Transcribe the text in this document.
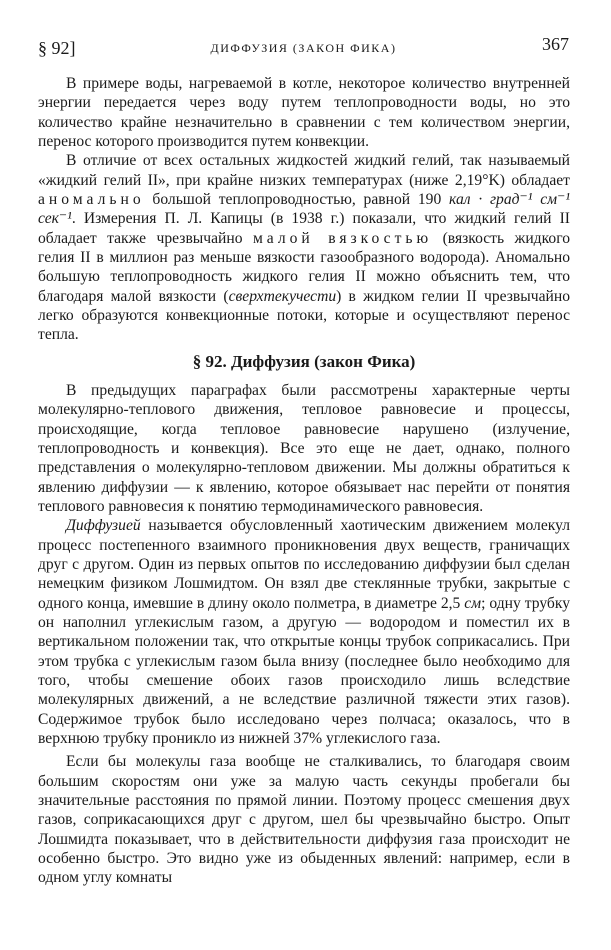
§ 92]	ДИФФУЗИЯ (ЗАКОН ФИКА)	367

В примере воды, нагреваемой в котле, некоторое количество внутренней энергии передается через воду путем теплопроводности воды, но это количество крайне незначительно в сравнении с тем количеством энергии, перенос которого производится путем конвекции.

В отличие от всех остальных жидкостей жидкий гелий, так называемый «жидкий гелий II», при крайне низких температурах (ниже 2,19°K) обладает аномально большой теплопроводностью, равной 190 кал · град⁻¹ см⁻¹ сек⁻¹. Измерения П. Л. Капицы (в 1938 г.) показали, что жидкий гелий II обладает также чрезвычайно малой вязкостью (вязкость жидкого гелия II в миллион раз меньше вязкости газообразного водорода). Аномально большую теплопроводность жидкого гелия II можно объяснить тем, что благодаря малой вязкости (сверхтекучести) в жидком гелии II чрезвычайно легко образуются конвекционные потоки, которые и осуществляют перенос тепла.

§ 92. Диффузия (закон Фика)

В предыдущих параграфах были рассмотрены характерные черты молекулярно-теплового движения, тепловое равновесие и процессы, происходящие, когда тепловое равновесие нарушено (излучение, теплопроводность и конвекция). Все это еще не дает, однако, полного представления о молекулярно-тепловом движении. Мы должны обратиться к явлению диффузии — к явлению, которое обязывает нас перейти от понятия теплового равновесия к понятию термодинамического равновесия.

Диффузией называется обусловленный хаотическим движением молекул процесс постепенного взаимного проникновения двух веществ, граничащих друг с другом. Один из первых опытов по исследованию диффузии был сделан немецким физиком Лошмидтом. Он взял две стеклянные трубки, закрытые с одного конца, имевшие в длину около полметра, в диаметре 2,5 см; одну трубку он наполнил углекислым газом, а другую — водородом и поместил их в вертикальном положении так, что открытые концы трубок соприкасались. При этом трубка с углекислым газом была внизу (последнее было необходимо для того, чтобы смешение обоих газов происходило лишь вследствие молекулярных движений, а не вследствие различной тяжести этих газов). Содержимое трубок было исследовано через полчаса; оказалось, что в верхнюю трубку проникло из нижней 37% углекислого газа.

Если бы молекулы газа вообще не сталкивались, то благодаря своим большим скоростям они уже за малую часть секунды пробегали бы значительные расстояния по прямой линии. Поэтому процесс смешения двух газов, соприкасающихся друг с другом, шел бы чрезвычайно быстро. Опыт Лошмидта показывает, что в действительности диффузия газа происходит не особенно быстро. Это видно уже из обыденных явлений: например, если в одном углу комнаты
